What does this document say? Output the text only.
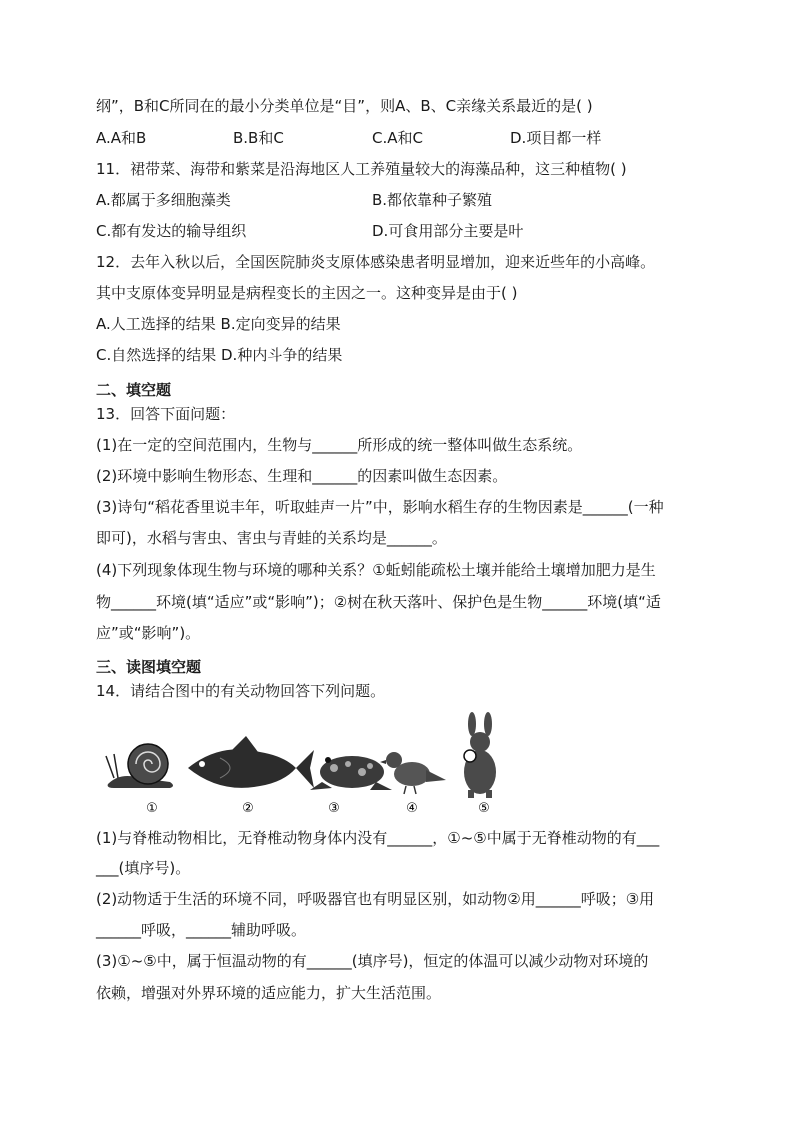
纲”，B和C所同在的最小分类单位是“目”，则A、B、C亲缘关系最近的是( )
A.A和B	B.B和C	C.A和C	D.项目都一样
11．裙带菜、海带和紫菜是沿海地区人工养殖量较大的海藻品种，这三种植物( )
A.都属于多细胞藻类	B.都依靠种子繁殖
C.都有发达的输导组织	D.可食用部分主要是叶
12．去年入秋以后，全国医院肺炎支原体感染患者明显增加，迎来近些年的小高峰。
其中支原体变异明显是病程变长的主因之一。这种变异是由于( )
A.人工选择的结果 B.定向变异的结果
C.自然选择的结果 D.种内斗争的结果
二、填空题
13．回答下面问题：
(1)在一定的空间范围内，生物与______所形成的统一整体叫做生态系统。
(2)环境中影响生物形态、生理和______的因素叫做生态因素。
(3)诗句“稻花香里说丰年，听取蛙声一片”中，影响水稻生存的生物因素是______(一种
即可)，水稻与害虫、害虫与青蛙的关系均是______。
(4)下列现象体现生物与环境的哪种关系？①蚯蚓能疏松土壤并能给土壤增加肥力是生
物______环境(填“适应”或“影响”)；②树在秋天落叶、保护色是生物______环境(填“适
应”或“影响”)。
三、读图填空题
14．请结合图中的有关动物回答下列问题。
①	②	③	④	⑤
(1)与脊椎动物相比，无脊椎动物身体内没有______，①~⑤中属于无脊椎动物的有___
___(填序号)。
(2)动物适于生活的环境不同，呼吸器官也有明显区别，如动物②用______呼吸；③用
______呼吸，______辅助呼吸。
(3)①~⑤中，属于恒温动物的有______(填序号)，恒定的体温可以减少动物对环境的
依赖，增强对外界环境的适应能力，扩大生活范围。
